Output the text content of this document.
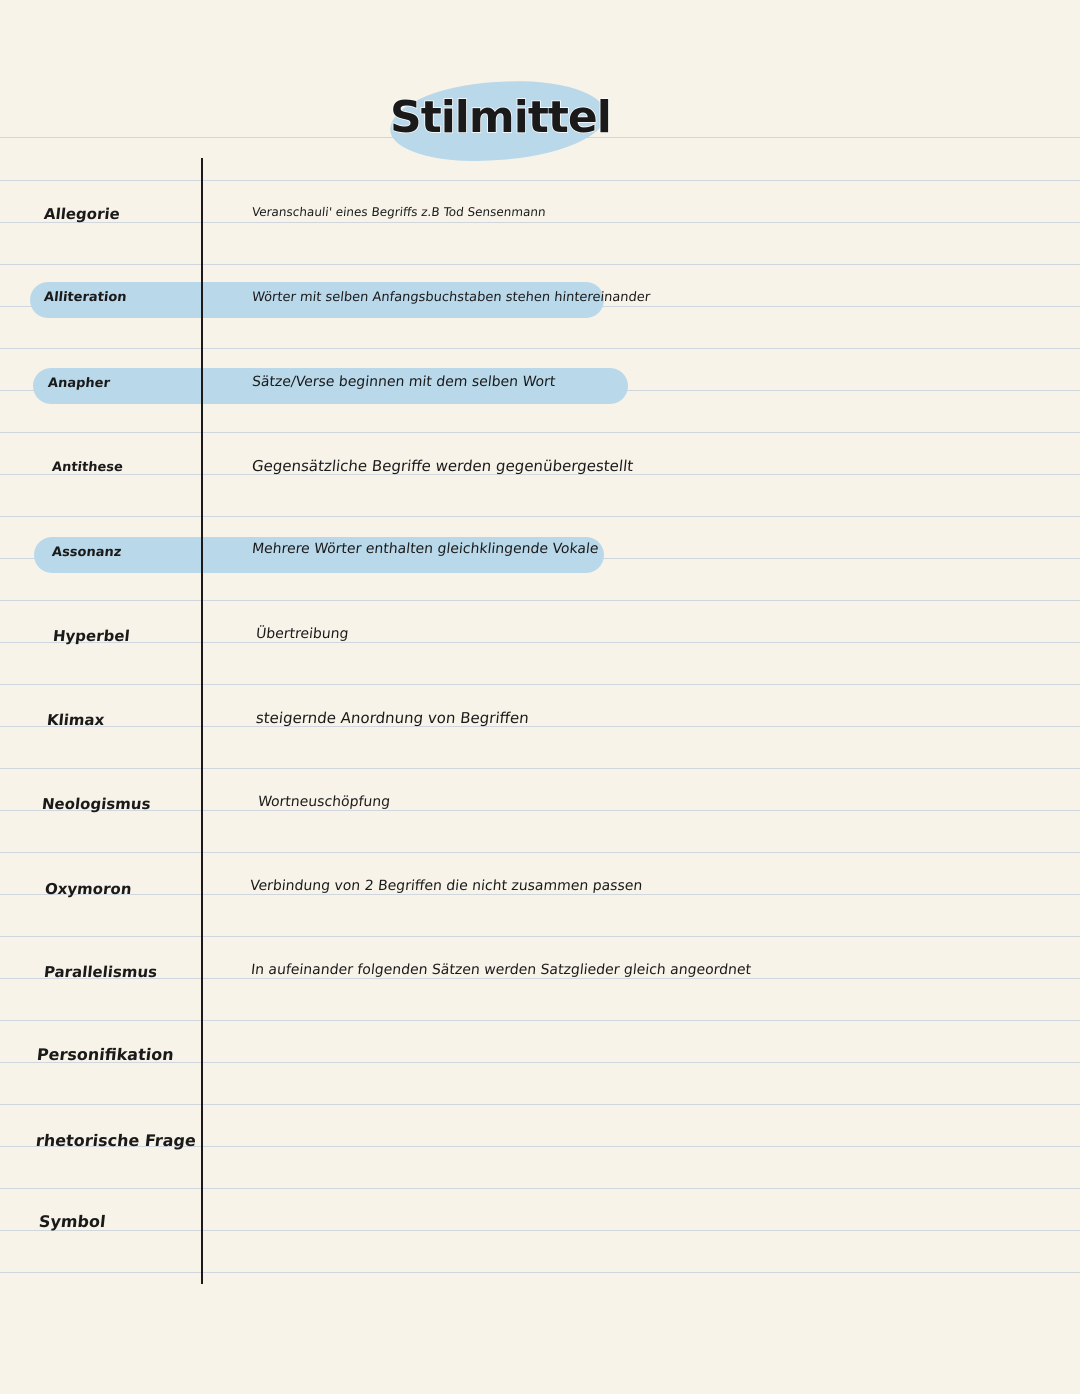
Stilmittel
Allegorie	Veranschauli' eines Begriffs z.B Tod Sensenmann
Alliteration	Wörter mit selben Anfangsbuchstaben stehen hintereinander
Anapher	Sätze/Verse beginnen mit dem selben Wort
Antithese	Gegensätzliche Begriffe werden gegenübergestellt
Assonanz	Mehrere Wörter enthalten gleichklingende Vokale
Hyperbel	Übertreibung
Klimax	steigernde Anordnung von Begriffen
Neologismus	Wortneuschöpfung
Oxymoron	Verbindung von 2 Begriffen die nicht zusammen passen
Parallelismus	In aufeinander folgenden Sätzen werden Satzglieder gleich angeordnet
Personifikation
rhetorische Frage
Symbol
